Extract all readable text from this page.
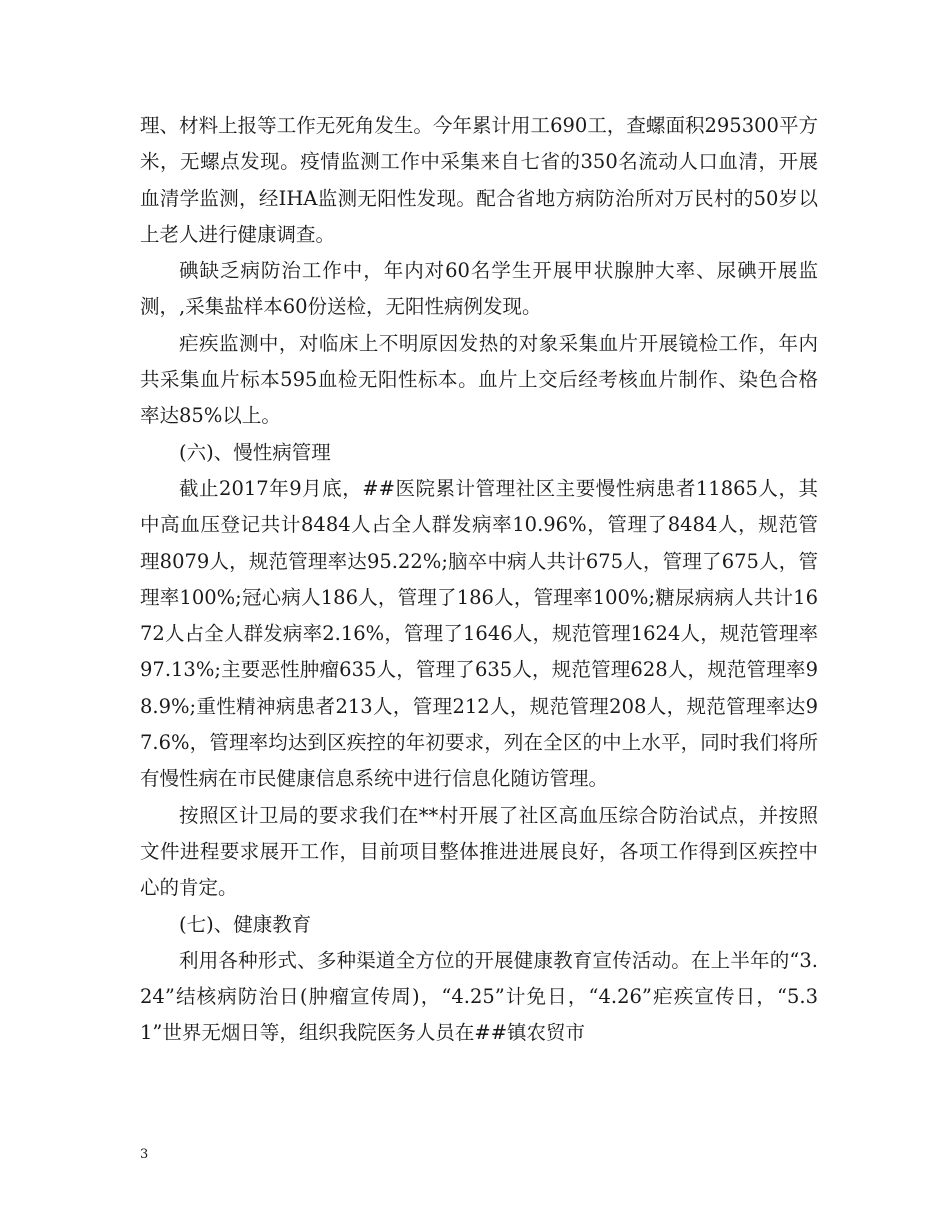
理、材料上报等工作无死角发生。今年累计用工690工，查螺面积295300平方米，无螺点发现。疫情监测工作中采集来自七省的350名流动人口血清，开展血清学监测，经IHA监测无阳性发现。配合省地方病防治所对万民村的50岁以上老人进行健康调查。

碘缺乏病防治工作中，年内对60名学生开展甲状腺肿大率、尿碘开展监测，,采集盐样本60份送检，无阳性病例发现。

疟疾监测中，对临床上不明原因发热的对象采集血片开展镜检工作，年内共采集血片标本595血检无阳性标本。血片上交后经考核血片制作、染色合格率达85%以上。

(六)、慢性病管理

截止2017年9月底，##医院累计管理社区主要慢性病患者11865人，其中高血压登记共计8484人占全人群发病率10.96%，管理了8484人，规范管理8079人，规范管理率达95.22%;脑卒中病人共计675人，管理了675人，管理率100%;冠心病人186人，管理了186人，管理率100%;糖尿病病人共计1672人占全人群发病率2.16%，管理了1646人，规范管理1624人，规范管理率97.13%;主要恶性肿瘤635人，管理了635人，规范管理628人，规范管理率98.9%;重性精神病患者213人，管理212人，规范管理208人，规范管理率达97.6%，管理率均达到区疾控的年初要求，列在全区的中上水平，同时我们将所有慢性病在市民健康信息系统中进行信息化随访管理。

按照区计卫局的要求我们在**村开展了社区高血压综合防治试点，并按照文件进程要求展开工作，目前项目整体推进进展良好，各项工作得到区疾控中心的肯定。

(七)、健康教育

利用各种形式、多种渠道全方位的开展健康教育宣传活动。在上半年的“3.24”结核病防治日(肿瘤宣传周)，“4.25”计免日，“4.26”疟疾宣传日，“5.31”世界无烟日等，组织我院医务人员在##镇农贸市

3
